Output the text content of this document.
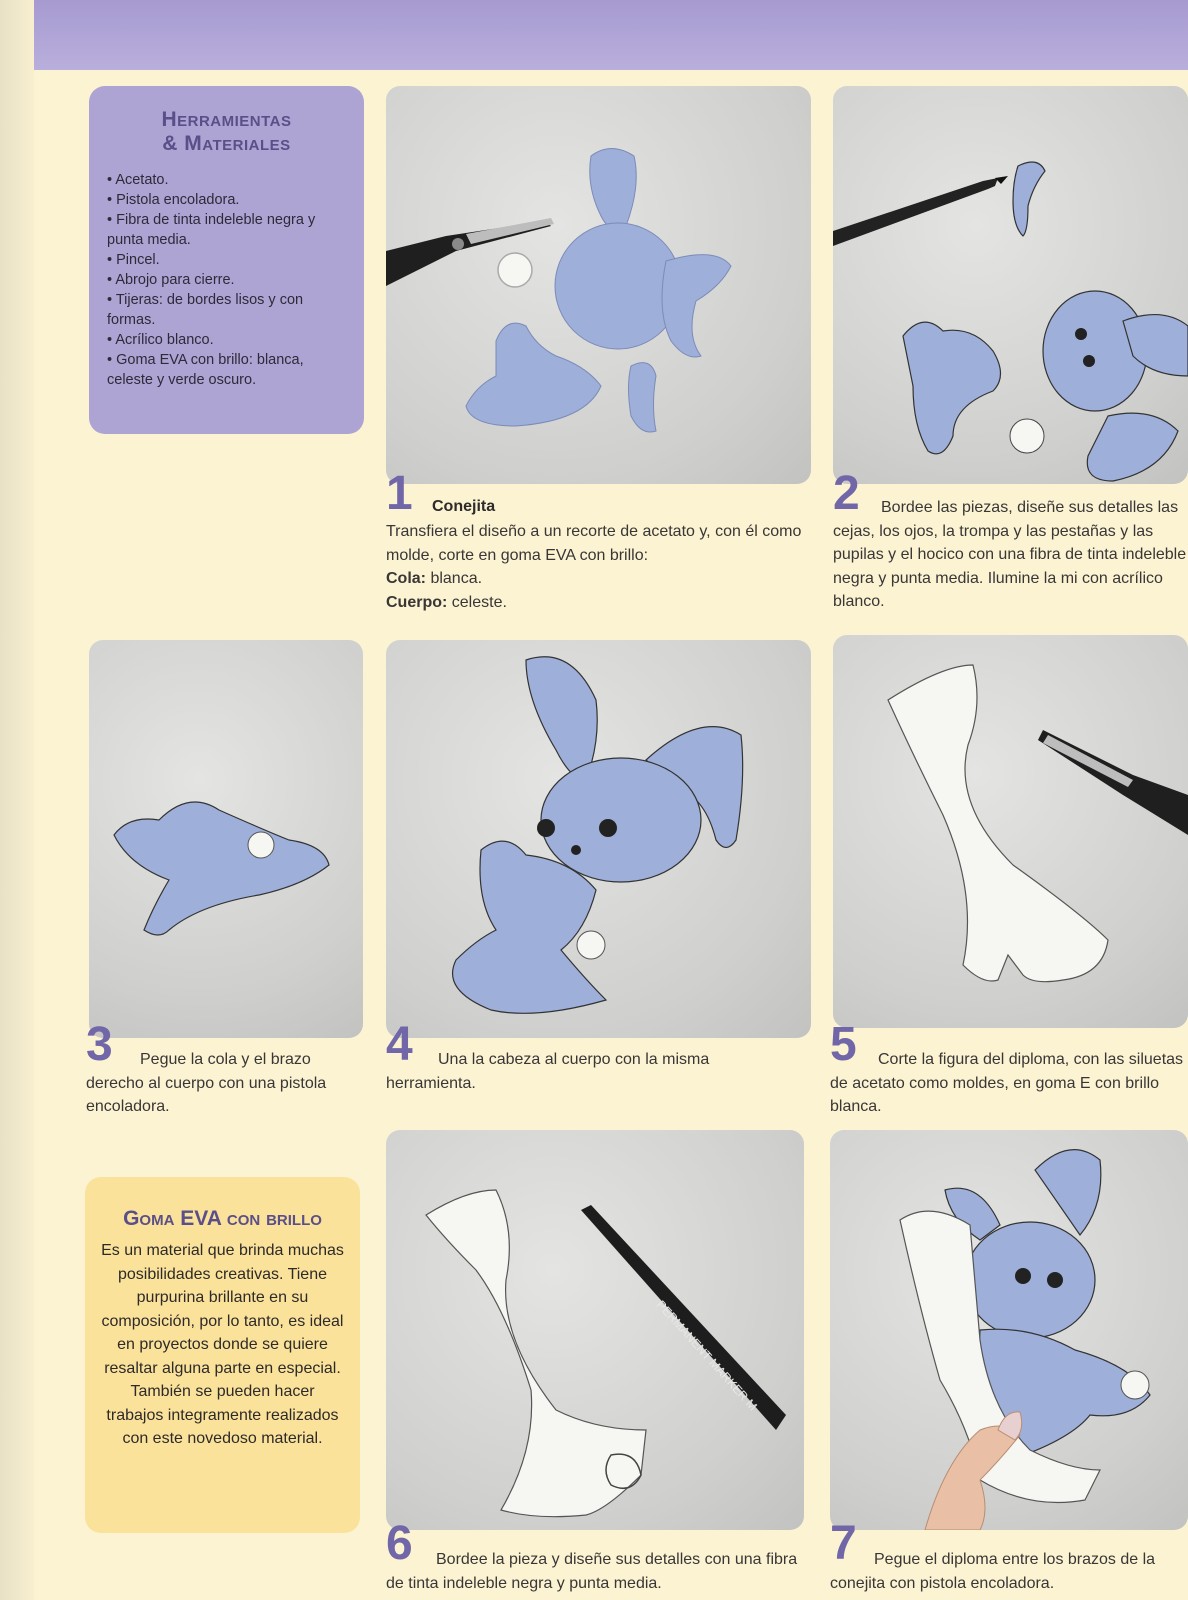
Herramientas
& Materiales
• Acetato.
• Pistola encoladora.
• Fibra de tinta indeleble negra y punta media.
• Pincel.
• Abrojo para cierre.
• Tijeras: de bordes lisos y con formas.
• Acrílico blanco.
• Goma EVA con brillo: blanca, celeste y verde oscuro.
1 Conejita
Transfiera el diseño a un recorte de acetato y, con él como molde, corte en goma EVA con brillo:
Cola: blanca.
Cuerpo: celeste.
2	Bordee las piezas, diseñe sus detalles las cejas, los ojos, la trompa y las pestañas y las pupilas y el hocico con una fibra de tinta indeleble negra y punta media. Ilumine la mi con acrílico blanco.
3	Pegue la cola y el brazo derecho al cuerpo con una pistola encoladora.
4	Una la cabeza al cuerpo con la misma herramienta.
5	Corte la figura del diploma, con las siluetas de acetato como moldes, en goma E con brillo blanca.
Goma EVA con brillo
Es un material que brinda muchas posibilidades creativas. Tiene purpurina brillante en su composición, por lo tanto, es ideal en proyectos donde se quiere resaltar alguna parte en especial. También se pueden hacer trabajos integramente realizados con este novedoso material.
PERMANENT MARKER M
6	Bordee la pieza y diseñe sus detalles con una fibra de tinta indeleble negra y punta media.
7	Pegue el diploma entre los brazos de la conejita con pistola encoladora.
